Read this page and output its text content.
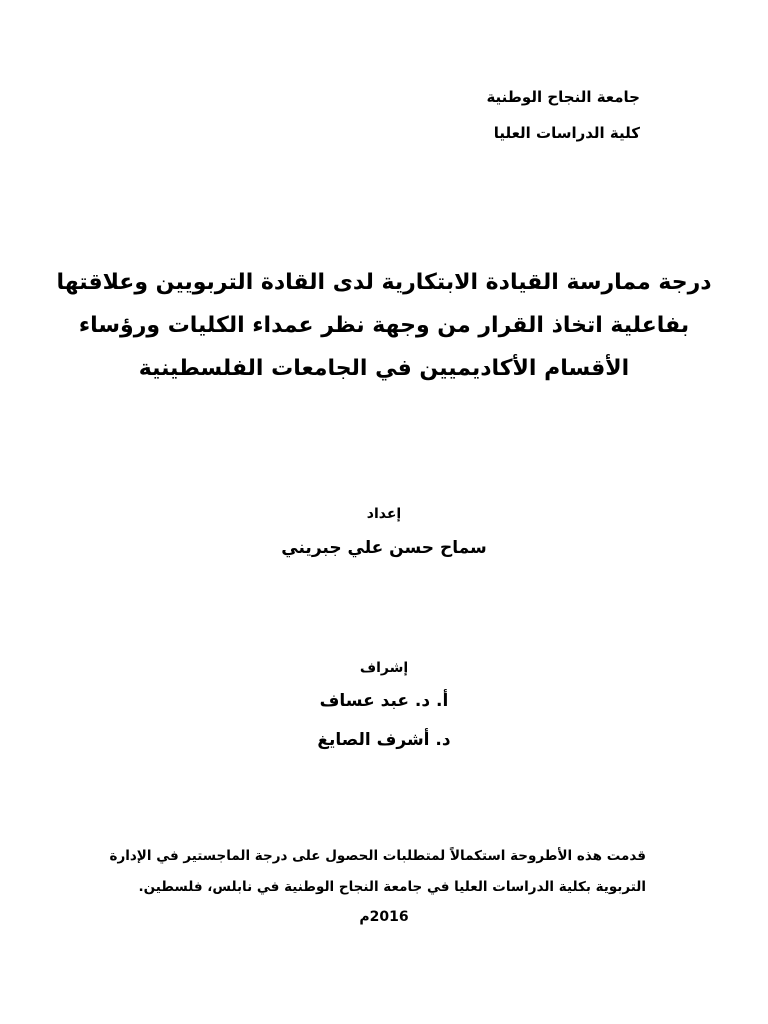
جامعة النجاح الوطنية
كلية الدراسات العليا
درجة ممارسة القيادة الابتكارية لدى القادة التربويين وعلاقتها
بفاعلية اتخاذ القرار من وجهة نظر عمداء الكليات ورؤساء
الأقسام الأكاديميين في الجامعات الفلسطينية
إعداد
سماح حسن علي جبريني
إشراف
أ. د. عبد عساف
د. أشرف الصايغ
قدمت هذه الأطروحة استكمالاً لمتطلبات الحصول على درجة الماجستير في الإدارة
التربوية بكلية الدراسات العليا في جامعة النجاح الوطنية في نابلس، فلسطين.
2016م
